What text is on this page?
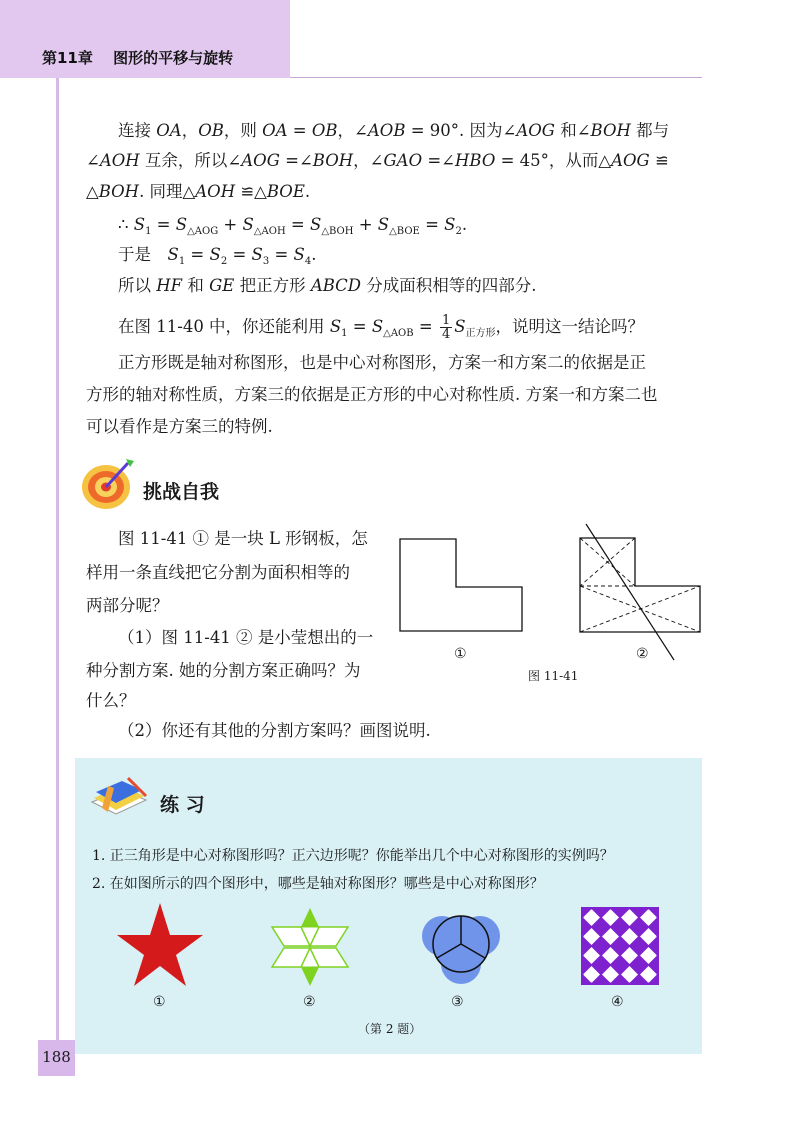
第11章　 图形的平移与旋转
连接 OA，OB，则 OA = OB，∠AOB = 90°. 因为∠AOG 和∠BOH 都与
∠AOH 互余，所以∠AOG =∠BOH，∠GAO =∠HBO = 45°，从而△AOG ≌
△BOH. 同理△AOH ≌△BOE.
∴ $S_1 = S_{\triangle AOG} + S_{\triangle AOH} = S_{\triangle BOH} + S_{\triangle BOE} = S_2$.
于是　$S_1 = S_2 = S_3 = S_4$.
所以 HF 和 GE 把正方形 ABCD 分成面积相等的四部分.
在图 11-40 中，你还能利用 $S_1 = S_{\triangle AOB} = \frac{1}{4} S_{正方形}$，说明这一结论吗？
正方形既是轴对称图形，也是中心对称图形，方案一和方案二的依据是正
方形的轴对称性质，方案三的依据是正方形的中心对称性质. 方案一和方案二也
可以看作是方案三的特例.
挑战自我
图 11-41 ① 是一块 L 形钢板，怎
样用一条直线把它分割为面积相等的
两部分呢？
（1）图 11-41 ② 是小莹想出的一
种分割方案. 她的分割方案正确吗？为
什么？
（2）你还有其他的分割方案吗？画图说明.
①	②
图 11-41
练 习
1. 正三角形是中心对称图形吗？正六边形呢？你能举出几个中心对称图形的实例吗？
2. 在如图所示的四个图形中，哪些是轴对称图形？哪些是中心对称图形？
①	②	③	④
（第 2 题）
188
